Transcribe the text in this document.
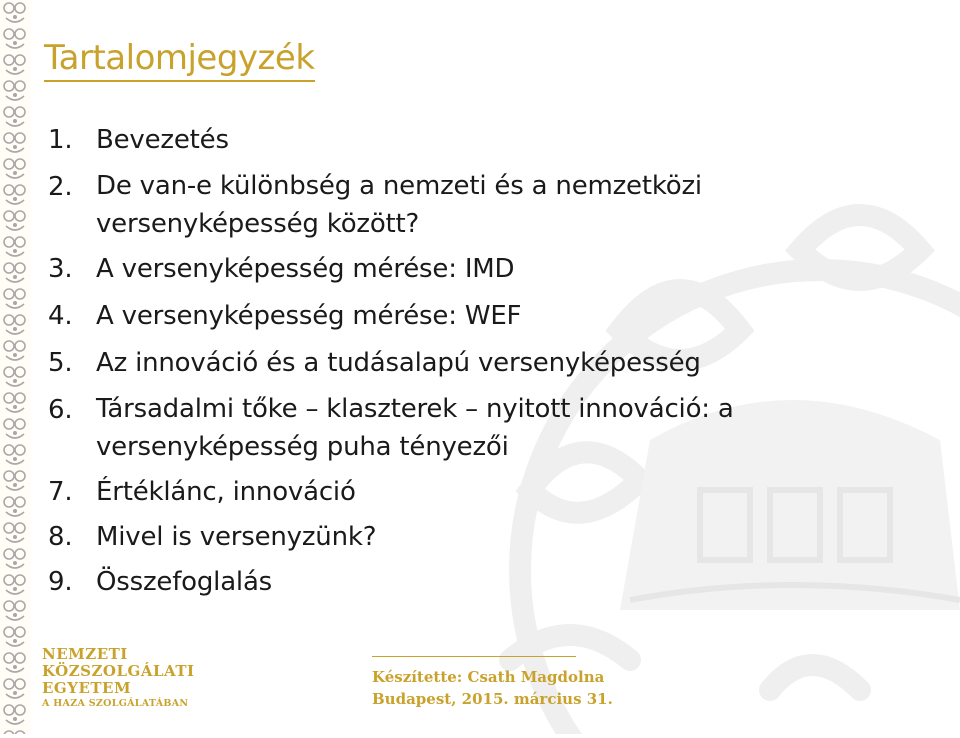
Tartalomjegyzék
1. Bevezetés
2. De van-e különbség a nemzeti és a nemzetközi versenyképesség között?
3. A versenyképesség mérése: IMD
4. A versenyképesség mérése: WEF
5. Az innováció és a tudásalapú versenyképesség
6. Társadalmi tőke – klaszterek – nyitott innováció: a versenyképesség puha tényezői
7. Értéklánc, innováció
8. Mivel is versenyzünk?
9. Összefoglalás
NEMZETI
KÖZSZOLGÁLATI
EGYETEM
A HAZA SZOLGÁLATÁBAN
Készítette: Csath Magdolna
Budapest, 2015. március 31.
